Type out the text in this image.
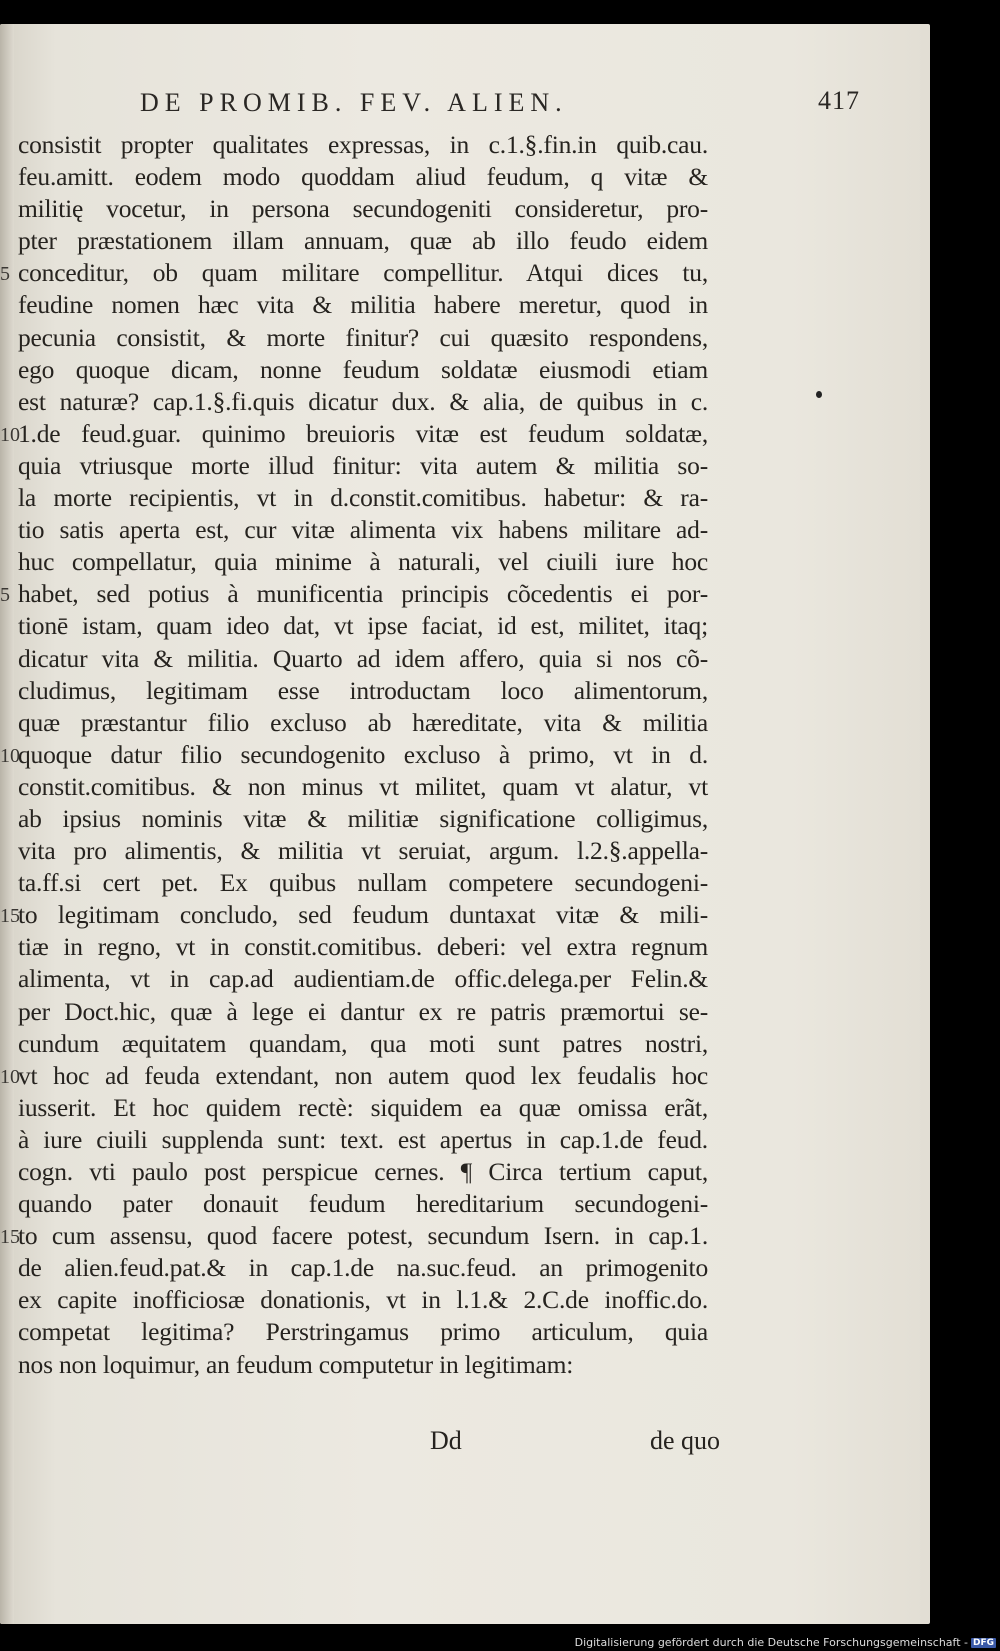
DE PROMIB. FEV. ALIEN.	417
consistit propter qualitates expressas, in c.1.§.fin.in quib.cau.
feu.amitt. eodem modo quoddam aliud feudum, q vitæ &
militię vocetur, in persona secundogeniti consideretur, pro-
pter præstationem illam annuam, quæ ab illo feudo eidem
conceditur, ob quam militare compellitur. Atqui dices tu,
feudine nomen hæc vita & militia habere meretur, quod in
pecunia consistit, & morte finitur? cui quæsito respondens,
ego quoque dicam, nonne feudum soldatæ eiusmodi etiam
est naturæ? cap.1.§.fi.quis dicatur dux. & alia, de quibus in c.
1.de feud.guar. quinimo breuioris vitæ est feudum soldatæ,
quia vtriusque morte illud finitur: vita autem & militia so-
la morte recipientis, vt in d.constit.comitibus. habetur: & ra-
tio satis aperta est, cur vitæ alimenta vix habens militare ad-
huc compellatur, quia minime à naturali, vel ciuili iure hoc
habet, sed potius à munificentia principis cõcedentis ei por-
tionē istam, quam ideo dat, vt ipse faciat, id est, militet, itaq;
dicatur vita & militia. Quarto ad idem affero, quia si nos cõ-
cludimus, legitimam esse introductam loco alimentorum,
quæ præstantur filio excluso ab hæreditate, vita & militia
quoque datur filio secundogenito excluso à primo, vt in d.
constit.comitibus. & non minus vt militet, quam vt alatur, vt
ab ipsius nominis vitæ & militiæ significatione colligimus,
vita pro alimentis, & militia vt seruiat, argum. l.2.§.appella-
ta.ff.si cert pet. Ex quibus nullam competere secundogeni-
to legitimam concludo, sed feudum duntaxat vitæ & mili-
tiæ in regno, vt in constit.comitibus. deberi: vel extra regnum
alimenta, vt in cap.ad audientiam.de offic.delega.per Felin.&
per Doct.hic, quæ à lege ei dantur ex re patris præmortui se-
cundum æquitatem quandam, qua moti sunt patres nostri,
vt hoc ad feuda extendant, non autem quod lex feudalis hoc
iusserit. Et hoc quidem rectè: siquidem ea quæ omissa erãt,
à iure ciuili supplenda sunt: text. est apertus in cap.1.de feud.
cogn. vti paulo post perspicue cernes. ¶ Circa tertium caput,
quando pater donauit feudum hereditarium secundogeni-
to cum assensu, quod facere potest, secundum Isern. in cap.1.
de alien.feud.pat.& in cap.1.de na.suc.feud. an primogenito
ex capite inofficiosæ donationis, vt in l.1.& 2.C.de inoffic.do.
competat legitima? Perstringamus primo articulum, quia
nos non loquimur, an feudum computetur in legitimam:
5
10
5
10
15
10
15
Dd	de quo
Digitalisierung gefördert durch die Deutsche Forschungsgemeinschaft - DFG
